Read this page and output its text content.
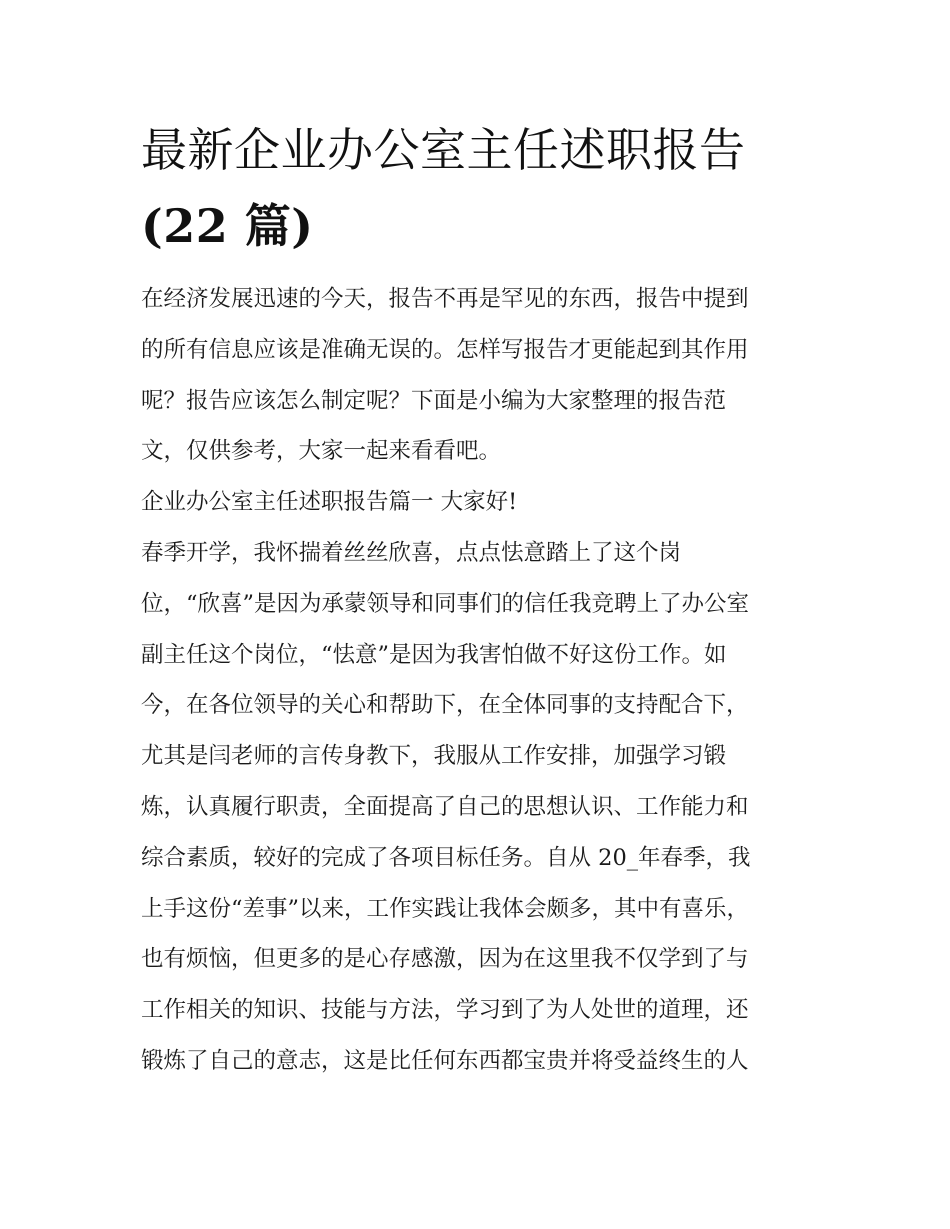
最新企业办公室主任述职报告
(22 篇)
在经济发展迅速的今天，报告不再是罕见的东西，报告中提到
的所有信息应该是准确无误的。怎样写报告才更能起到其作用
呢？报告应该怎么制定呢？下面是小编为大家整理的报告范
文，仅供参考，大家一起来看看吧。
企业办公室主任述职报告篇一 大家好!
春季开学，我怀揣着丝丝欣喜，点点怯意踏上了这个岗
位，“欣喜”是因为承蒙领导和同事们的信任我竞聘上了办公室
副主任这个岗位，“怯意”是因为我害怕做不好这份工作。如
今，在各位领导的关心和帮助下，在全体同事的支持配合下，
尤其是闫老师的言传身教下，我服从工作安排，加强学习锻
炼，认真履行职责，全面提高了自己的思想认识、工作能力和
综合素质，较好的完成了各项目标任务。自从 20_年春季，我
上手这份“差事”以来，工作实践让我体会颇多，其中有喜乐，
也有烦恼，但更多的是心存感激，因为在这里我不仅学到了与
工作相关的知识、技能与方法，学习到了为人处世的道理，还
锻炼了自己的意志，这是比任何东西都宝贵并将受益终生的人
